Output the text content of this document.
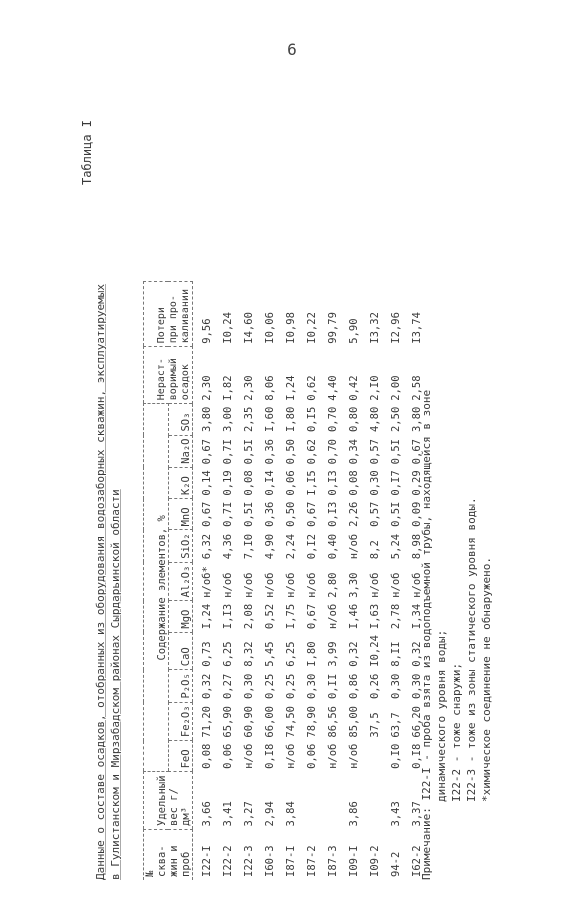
6
Таблица I
Данные о составе осадков, отобранных из оборудования водозаборных скважин, эксплуатируемых в Гулистанском и Мирзабадском районах Сырдарьинской области № сква-жин и проб	Удельный вес г/дм³	Содержание элементов, %											Нераст-воримый осадок	Потери при про-каливании
		FeO	Fe₂O₃	P₂O₅	CaO	MgO	Al₂O₃	SiO₂	MnO	K₂O	Na₂O	SO₃		
I22-I	3,66	0,08	71,20	0,32	0,73	I,24	н/об*	6,32	0,67	0,14	0,67	3,80	2,30	9,56
I22-2	3,41	0,06	65,90	0,27	6,25	I,I3	н/об	4,36	0,7I	0,19	0,7I	3,00	I,82	I0,24
I22-3	3,27	н/об	60,90	0,30	8,32	2,08	н/об	7,I0	0,5I	0,08	0,5I	2,35	2,30	I4,60
I60-3	2,94	0,I8	66,00	0,25	5,45	0,52	н/об	4,90	0,36	0,I4	0,36	I,60	8,06	I0,06
I87-I	3,84	н/об	74,50	0,25	6,25	I,75	н/об	2,24	0,50	0,06	0,50	I,80	I,24	I0,98
I87-2		0,06	78,90	0,30	I,80	0,67	н/об	0,I2	0,67	I,I5	0,62	0,I5	0,62	I0,22
I87-3		н/об	86,56	0,II	3,99	н/об	2,80	0,40	0,I3	0,I3	0,70	0,70	4,40	99,79
I09-I	3,86	н/об	85,00	0,86	0,32	I,46	3,30	н/об	2,26	0,08	0,34	0,80	0,42	5,90
I09-2			37,5	0,26	I0,24	I,63	н/об	8,2	0,57	0,30	0,57	4,80	2,I0	I3,32
94-2	3,43	0,I0	63,7	0,30	8,II	2,78	н/об	5,24	0,5I	0,I7	0,5I	2,50	2,00	I2,96
I62-2	3,37	0,I8	66,20	0,30	0,32	I,34	н/об	8,98	0,09	0,29	0,67	3,80	2,58	I3,74
Примечание: I22-I - проба взята из водоподъемной трубы, находящейся в зоне динамического уровня воды; I22-2 - тоже снаружи; I22-3 - тоже из зоны статического уровня воды. *химическое соединение не обнаружено.
